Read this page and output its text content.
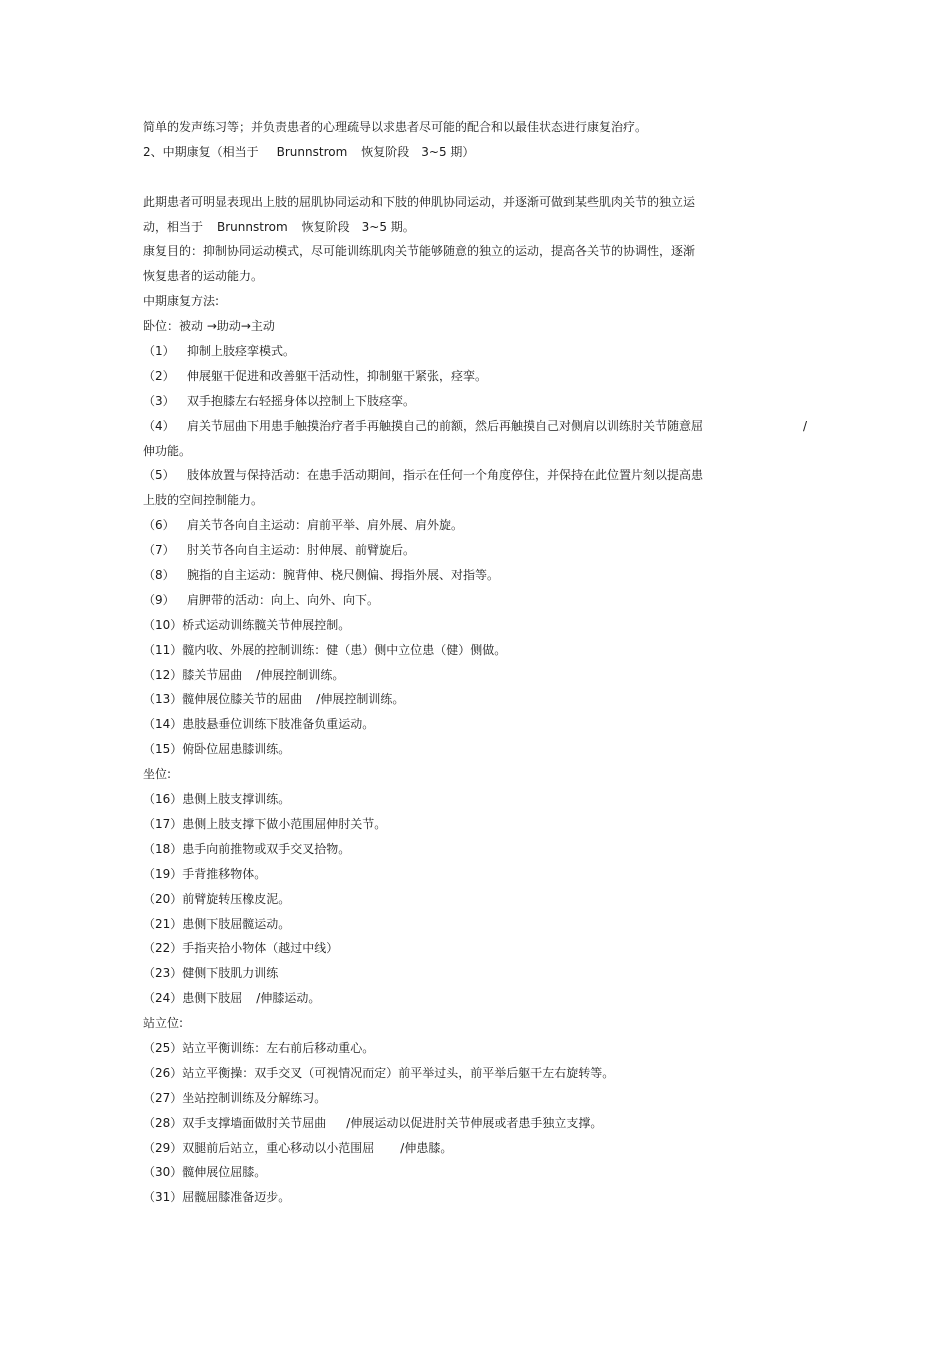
简单的发声练习等；并负责患者的心理疏导以求患者尽可能的配合和以最佳状态进行康复治疗。
2、中期康复（相当于 Brunnstrom 恢复阶段 3~5 期）
此期患者可明显表现出上肢的屈肌协同运动和下肢的伸肌协同运动，并逐渐可做到某些肌肉关节的独立运
动，相当于 Brunnstrom 恢复阶段 3~5 期。
康复目的：抑制协同运动模式，尽可能训练肌肉关节能够随意的独立的运动，提高各关节的协调性，逐渐
恢复患者的运动能力。
中期康复方法:
卧位：被动 →助动→主动
（1） 抑制上肢痉挛模式。
（2） 伸展躯干促进和改善躯干活动性，抑制躯干紧张，痉挛。
（3） 双手抱膝左右轻摇身体以控制上下肢痉挛。
（4） 肩关节屈曲下用患手触摸治疗者手再触摸自己的前额，然后再触摸自己对侧肩以训练肘关节随意屈	/
伸功能。
（5） 肢体放置与保持活动：在患手活动期间，指示在任何一个角度停住，并保持在此位置片刻以提高患
上肢的空间控制能力。
（6） 肩关节各向自主运动：肩前平举、肩外展、肩外旋。
（7） 肘关节各向自主运动：肘伸展、前臂旋后。
（8） 腕指的自主运动：腕背伸、桡尺侧偏、拇指外展、对指等。
（9） 肩胛带的活动：向上、向外、向下。
（10）桥式运动训练髋关节伸展控制。
（11）髋内收、外展的控制训练：健（患）侧中立位患（健）侧做。
（12）膝关节屈曲 /伸展控制训练。
（13）髋伸展位膝关节的屈曲 /伸展控制训练。
（14）患肢悬垂位训练下肢准备负重运动。
（15）俯卧位屈患膝训练。
坐位:
（16）患侧上肢支撑训练。
（17）患侧上肢支撑下做小范围屈伸肘关节。
（18）患手向前推物或双手交叉拾物。
（19）手背推移物体。
（20）前臂旋转压橡皮泥。
（21）患侧下肢屈髋运动。
（22）手指夹拾小物体（越过中线）
（23）健侧下肢肌力训练
（24）患侧下肢屈 /伸膝运动。
站立位:
（25）站立平衡训练：左右前后移动重心。
（26）站立平衡操：双手交叉（可视情况而定）前平举过头，前平举后躯干左右旋转等。
（27）坐站控制训练及分解练习。
（28）双手支撑墙面做肘关节屈曲 /伸展运动以促进肘关节伸展或者患手独立支撑。
（29）双腿前后站立，重心移动以小范围屈 /伸患膝。
（30）髋伸展位屈膝。
（31）屈髋屈膝准备迈步。
